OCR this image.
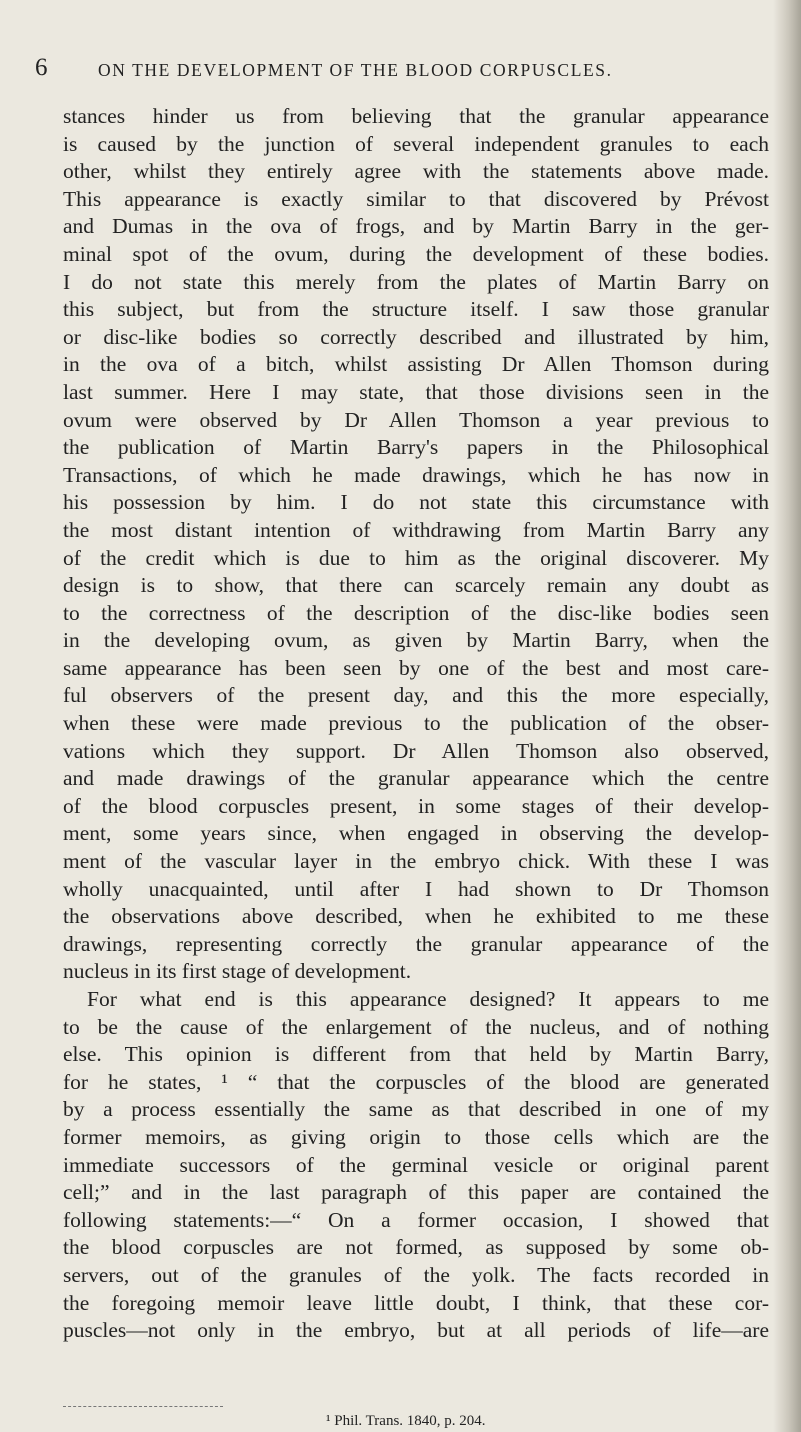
6	ON THE DEVELOPMENT OF THE BLOOD CORPUSCLES.
stances hinder us from believing that the granular appearance
is caused by the junction of several independent granules to each
other, whilst they entirely agree with the statements above made.
This appearance is exactly similar to that discovered by Prévost
and Dumas in the ova of frogs, and by Martin Barry in the ger-
minal spot of the ovum, during the development of these bodies.
I do not state this merely from the plates of Martin Barry on
this subject, but from the structure itself. I saw those granular
or disc-like bodies so correctly described and illustrated by him,
in the ova of a bitch, whilst assisting Dr Allen Thomson during
last summer. Here I may state, that those divisions seen in the
ovum were observed by Dr Allen Thomson a year previous to
the publication of Martin Barry's papers in the Philosophical
Transactions, of which he made drawings, which he has now in
his possession by him. I do not state this circumstance with
the most distant intention of withdrawing from Martin Barry any
of the credit which is due to him as the original discoverer. My
design is to show, that there can scarcely remain any doubt as
to the correctness of the description of the disc-like bodies seen
in the developing ovum, as given by Martin Barry, when the
same appearance has been seen by one of the best and most care-
ful observers of the present day, and this the more especially,
when these were made previous to the publication of the obser-
vations which they support. Dr Allen Thomson also observed,
and made drawings of the granular appearance which the centre
of the blood corpuscles present, in some stages of their develop-
ment, some years since, when engaged in observing the develop-
ment of the vascular layer in the embryo chick. With these I was
wholly unacquainted, until after I had shown to Dr Thomson
the observations above described, when he exhibited to me these
drawings, representing correctly the granular appearance of the
nucleus in its first stage of development.
For what end is this appearance designed? It appears to me
to be the cause of the enlargement of the nucleus, and of nothing
else. This opinion is different from that held by Martin Barry,
for he states, ¹ “ that the corpuscles of the blood are generated
by a process essentially the same as that described in one of my
former memoirs, as giving origin to those cells which are the
immediate successors of the germinal vesicle or original parent
cell;” and in the last paragraph of this paper are contained the
following statements:—“ On a former occasion, I showed that
the blood corpuscles are not formed, as supposed by some ob-
servers, out of the granules of the yolk. The facts recorded in
the foregoing memoir leave little doubt, I think, that these cor-
puscles—not only in the embryo, but at all periods of life—are
¹ Phil. Trans. 1840, p. 204.
